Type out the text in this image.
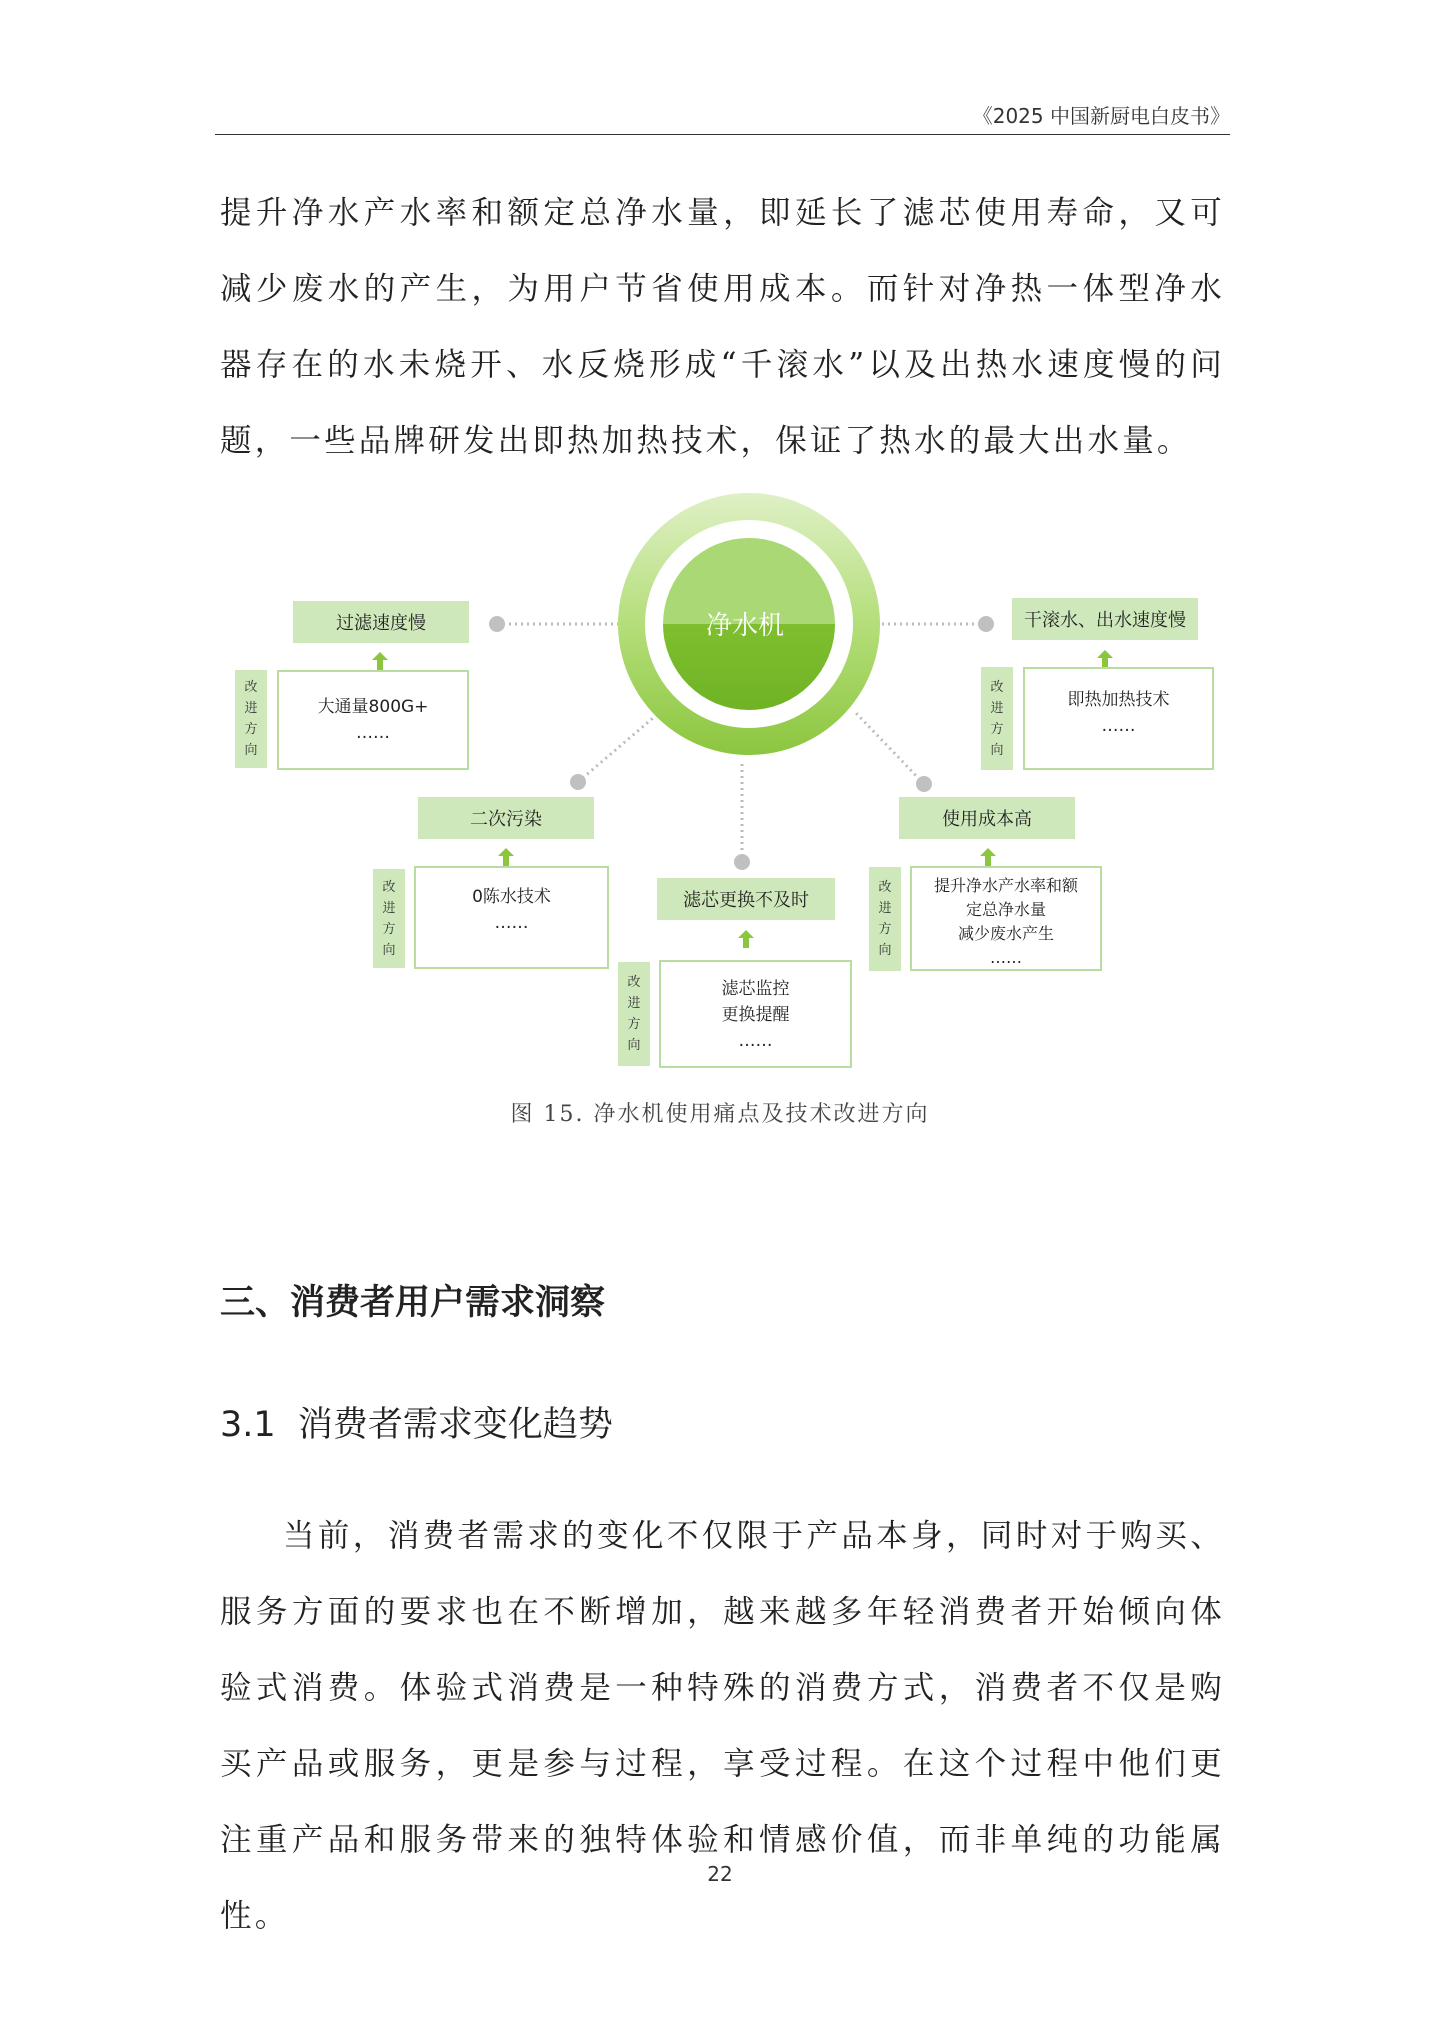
《2025 中国新厨电白皮书》
提升净水产水率和额定总净水量，即延长了滤芯使用寿命，又可减少废水的产生，为用户节省使用成本。而针对净热一体型净水器存在的水未烧开、水反烧形成“千滚水”以及出热水速度慢的问题，一些品牌研发出即热加热技术，保证了热水的最大出水量。
净水机
过滤速度慢
改
进
方
向
大通量800G+
……
干滚水、出水速度慢
改
进
方
向
即热加热技术
……
二次污染
改
进
方
向
0陈水技术
……
滤芯更换不及时
改
进
方
向
滤芯监控
更换提醒
……
使用成本高
改
进
方
向
提升净水产水率和额
定总净水量
减少废水产生
……
图 15. 净水机使用痛点及技术改进方向
三、消费者用户需求洞察
3.1  消费者需求变化趋势
当前，消费者需求的变化不仅限于产品本身，同时对于购买、服务方面的要求也在不断增加，越来越多年轻消费者开始倾向体验式消费。体验式消费是一种特殊的消费方式，消费者不仅是购买产品或服务，更是参与过程，享受过程。在这个过程中他们更注重产品和服务带来的独特体验和情感价值，而非单纯的功能属性。
22
